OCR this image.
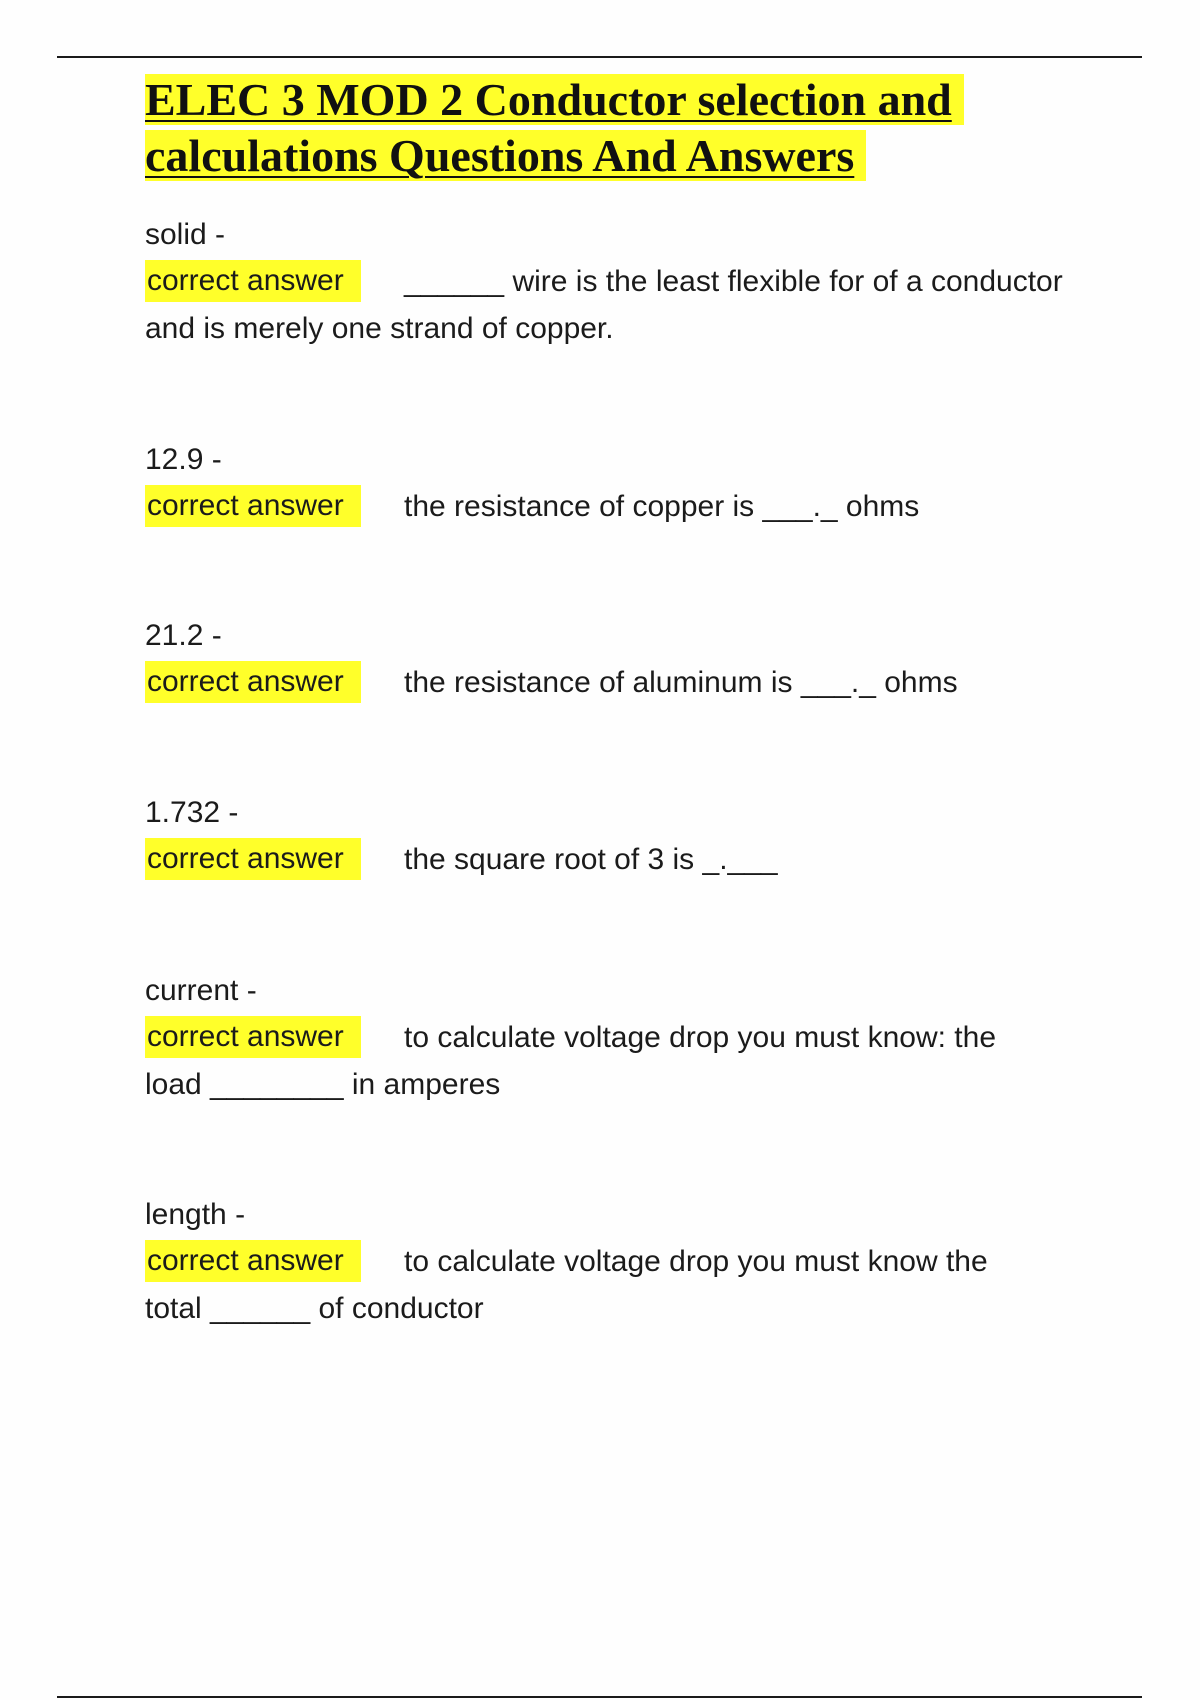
ELEC 3 MOD 2 Conductor selection and
calculations Questions And Answers
solid -
correct answer ______ wire is the least flexible for of a conductor
and is merely one strand of copper.
12.9 -
correct answer the resistance of copper is ___._ ohms
21.2 -
correct answer the resistance of aluminum is ___._ ohms
1.732 -
correct answer the square root of 3 is _.___
current -
correct answer to calculate voltage drop you must know: the
load ________ in amperes
length -
correct answer to calculate voltage drop you must know the
total ______ of conductor
